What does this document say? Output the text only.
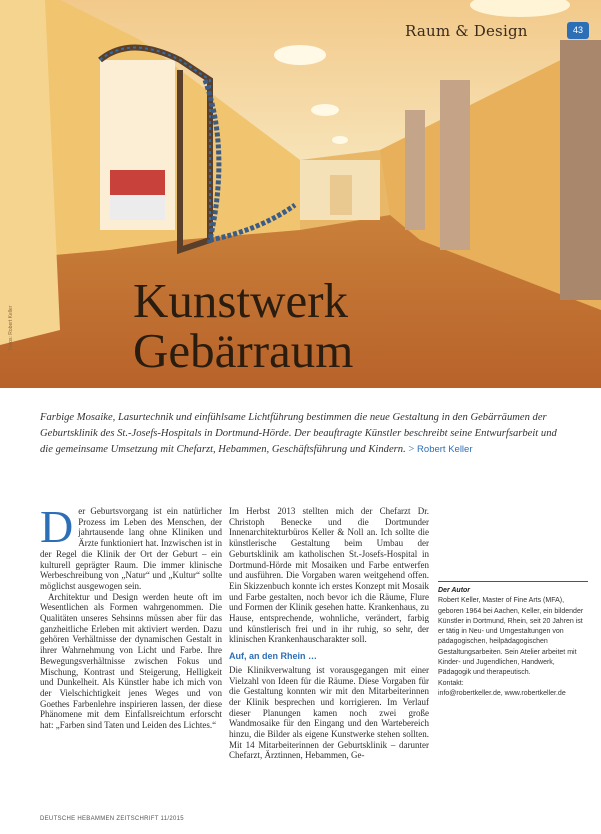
Raum & Design	43
Fotos: Robert Keller Kunstwerk
Gebärraum
Farbige Mosaike, Lasurtechnik und einfühlsame Lichtführung bestimmen die neue Gestaltung in den Gebärräumen der Geburtsklinik des St.-Josefs-Hospitals in Dortmund-Hörde. Der beauftragte Künstler beschreibt seine Entwurfsarbeit und die gemeinsame Umsetzung mit Chefarzt, Hebammen, Geschäftsführung und Kindern. > Robert Keller

Der Geburtsvorgang ist ein natürlicher Prozess im Leben des Menschen, der jahrtausende lang ohne Kliniken und Ärzte funktioniert hat. Inzwischen ist in der Regel die Klinik der Ort der Geburt – ein kulturell geprägter Raum. Die immer klinische Werbeschreibung von „Natur“ und „Kultur“ sollte möglichst ausgewogen sein.

Architektur und Design werden heute oft im Wesentlichen als Formen wahrgenommen. Die Qualitäten unseres Sehsinns müssen aber für das ganzheitliche Erleben mit aktiviert werden. Dazu gehören Verhältnisse der dynamischen Gestalt in ihrer Wahrnehmung von Licht und Farbe. Ihre Bewegungsverhältnisse zwischen Fokus und Mischung, Kontrast und Steigerung, Helligkeit und Dunkelheit. Als Künstler habe ich mich von der Vielschichtigkeit jenes Weges und von Goethes Farbenlehre inspirieren lassen, der diese Phänomene mit dem Einfallsreichtum erforscht hat: „Farben sind Taten und Leiden des Lichtes.“

Im Herbst 2013 stellten mich der Chefarzt Dr. Christoph Benecke und die Dortmunder Innenarchitekturbüros Keller & Noll an. Ich sollte die künstlerische Gestaltung beim Umbau der Geburtsklinik am katholischen St.-Josefs-Hospital in Dortmund-Hörde mit Mosaiken und Farbe entwerfen und ausführen. Die Vorgaben waren weitgehend offen. Ein Skizzenbuch konnte ich erstes Konzept mit Mosaik und Farbe gestalten, noch bevor ich die Räume, Flure und Formen der Klinik gesehen hatte. Krankenhaus, zu Hause, entsprechende, wohnliche, verändert, farbig und künstlerisch frei und in ihr ruhig, so sehr, der klinischen Krankenhauscharakter soll.

Auf, an den Rhein …

Die Klinikverwaltung ist vorausgegangen mit einer Vielzahl von Ideen für die Räume. Diese Vorgaben für die Gestaltung konnten wir mit den Mitarbeiterinnen der Klinik besprechen und korrigieren. Im Verlauf dieser Planungen kamen noch zwei große Wandmosaike für den Eingang und den Wartebereich hinzu, die Bilder als eigene Kunstwerke stehen sollten. Mit 14 Mitarbeiterinnen der Geburtsklinik – darunter Chefarzt, Ärztinnen, Hebammen, Ge-

Der Autor
Robert Keller, Master of Fine Arts (MFA), geboren 1964 bei Aachen, Keller, ein bildender Künstler in Dortmund, Rhein, seit 20 Jahren ist er tätig in Neu- und Umgestaltungen von pädagogischen, heilpädagogischen Gestaltungsarbeiten. Sein Atelier arbeitet mit Kinder- und Jugendlichen, Handwerk, Pädagogik und therapeutisch.
Kontakt:
info@robertkeller.de, www.robertkeller.de
DEUTSCHE HEBAMMEN ZEITSCHRIFT 11/2015
